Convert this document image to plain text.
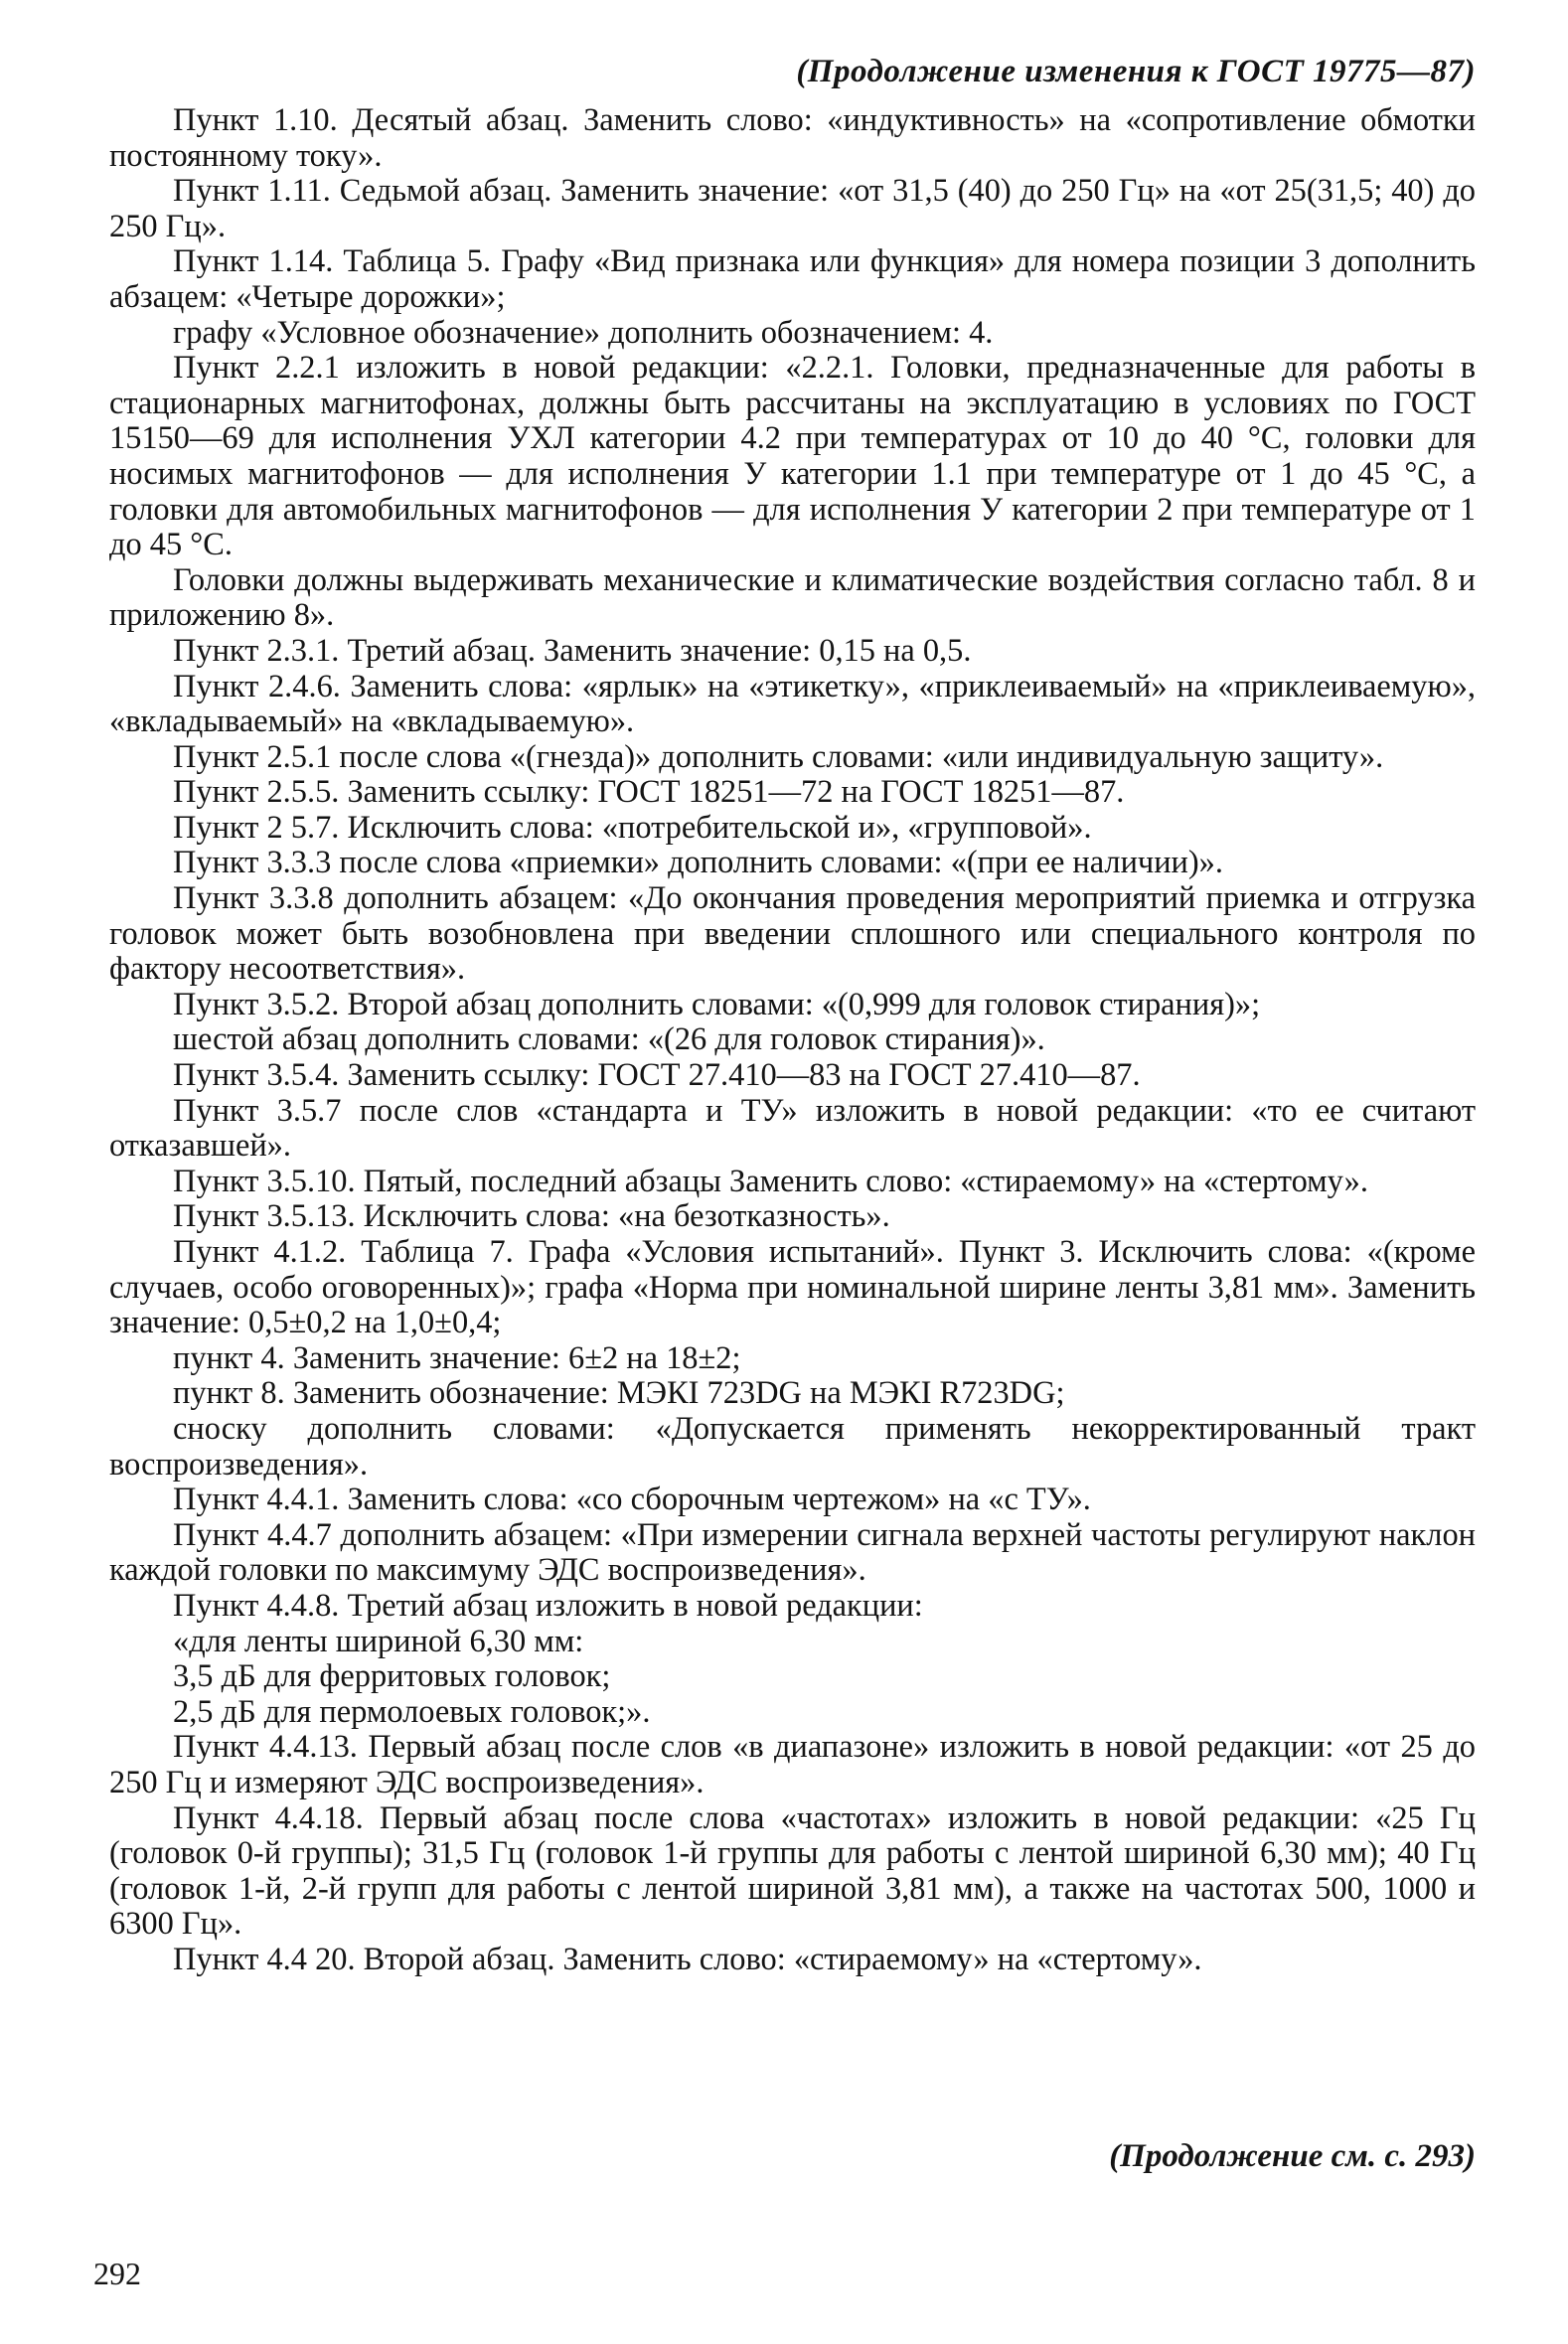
(Продолжение изменения к ГОСТ 19775—87)

Пункт 1.10. Десятый абзац. Заменить слово: «индуктивность» на «сопротивление обмотки постоянному току».

Пункт 1.11. Седьмой абзац. Заменить значение: «от 31,5 (40) до 250 Гц» на «от 25(31,5; 40) до 250 Гц».

Пункт 1.14. Таблица 5. Графу «Вид признака или функция» для номера позиции 3 дополнить абзацем: «Четыре дорожки»;

графу «Условное обозначение» дополнить обозначением: 4.

Пункт 2.2.1 изложить в новой редакции: «2.2.1. Головки, предназначенные для работы в стационарных магнитофонах, должны быть рассчитаны на эксплуатацию в условиях по ГОСТ 15150—69 для исполнения УХЛ категории 4.2 при температурах от 10 до 40 °С, головки для носимых магнитофонов — для исполнения У категории 1.1 при температуре от 1 до 45 °С, а головки для автомобильных магнитофонов — для исполнения У категории 2 при температуре от 1 до 45 °С.

Головки должны выдерживать механические и климатические воздействия согласно табл. 8 и приложению 8».

Пункт 2.3.1. Третий абзац. Заменить значение: 0,15 на 0,5.

Пункт 2.4.6. Заменить слова: «ярлык» на «этикетку», «приклеиваемый» на «приклеиваемую», «вкладываемый» на «вкладываемую».

Пункт 2.5.1 после слова «(гнезда)» дополнить словами: «или индивидуальную защиту».

Пункт 2.5.5. Заменить ссылку: ГОСТ 18251—72 на ГОСТ 18251—87.

Пункт 2 5.7. Исключить слова: «потребительской и», «групповой».

Пункт 3.3.3 после слова «приемки» дополнить словами: «(при ее наличии)».

Пункт 3.3.8 дополнить абзацем: «До окончания проведения мероприятий приемка и отгрузка головок может быть возобновлена при введении сплошного или специального контроля по фактору несоответствия».

Пункт 3.5.2. Второй абзац дополнить словами: «(0,999 для головок стирания)»;

шестой абзац дополнить словами: «(26 для головок стирания)».

Пункт 3.5.4. Заменить ссылку: ГОСТ 27.410—83 на ГОСТ 27.410—87.

Пункт 3.5.7 после слов «стандарта и ТУ» изложить в новой редакции: «то ее считают отказавшей».

Пункт 3.5.10. Пятый, последний абзацы Заменить слово: «стираемому» на «стертому».

Пункт 3.5.13. Исключить слова: «на безотказность».

Пункт 4.1.2. Таблица 7. Графа «Условия испытаний». Пункт 3. Исключить слова: «(кроме случаев, особо оговоренных)»; графа «Норма при номинальной ширине ленты 3,81 мм». Заменить значение: 0,5±0,2 на 1,0±0,4;

пункт 4. Заменить значение: 6±2 на 18±2;

пункт 8. Заменить обозначение: МЭКI 723DG на МЭКI R723DG;

сноску дополнить словами: «Допускается применять некорректированный тракт воспроизведения».

Пункт 4.4.1. Заменить слова: «со сборочным чертежом» на «с ТУ».

Пункт 4.4.7 дополнить абзацем: «При измерении сигнала верхней частоты регулируют наклон каждой головки по максимуму ЭДС воспроизведения».

Пункт 4.4.8. Третий абзац изложить в новой редакции:

«для ленты шириной 6,30 мм:

3,5 дБ для ферритовых головок;

2,5 дБ для пермолоевых головок;».

Пункт 4.4.13. Первый абзац после слов «в диапазоне» изложить в новой редакции: «от 25 до 250 Гц и измеряют ЭДС воспроизведения».

Пункт 4.4.18. Первый абзац после слова «частотах» изложить в новой редакции: «25 Гц (головок 0-й группы); 31,5 Гц (головок 1-й группы для работы с лентой шириной 6,30 мм); 40 Гц (головок 1-й, 2-й групп для работы с лентой шириной 3,81 мм), а также на частотах 500, 1000 и 6300 Гц».

Пункт 4.4 20. Второй абзац. Заменить слово: «стираемому» на «стертому».

(Продолжение см. с. 293)
292
